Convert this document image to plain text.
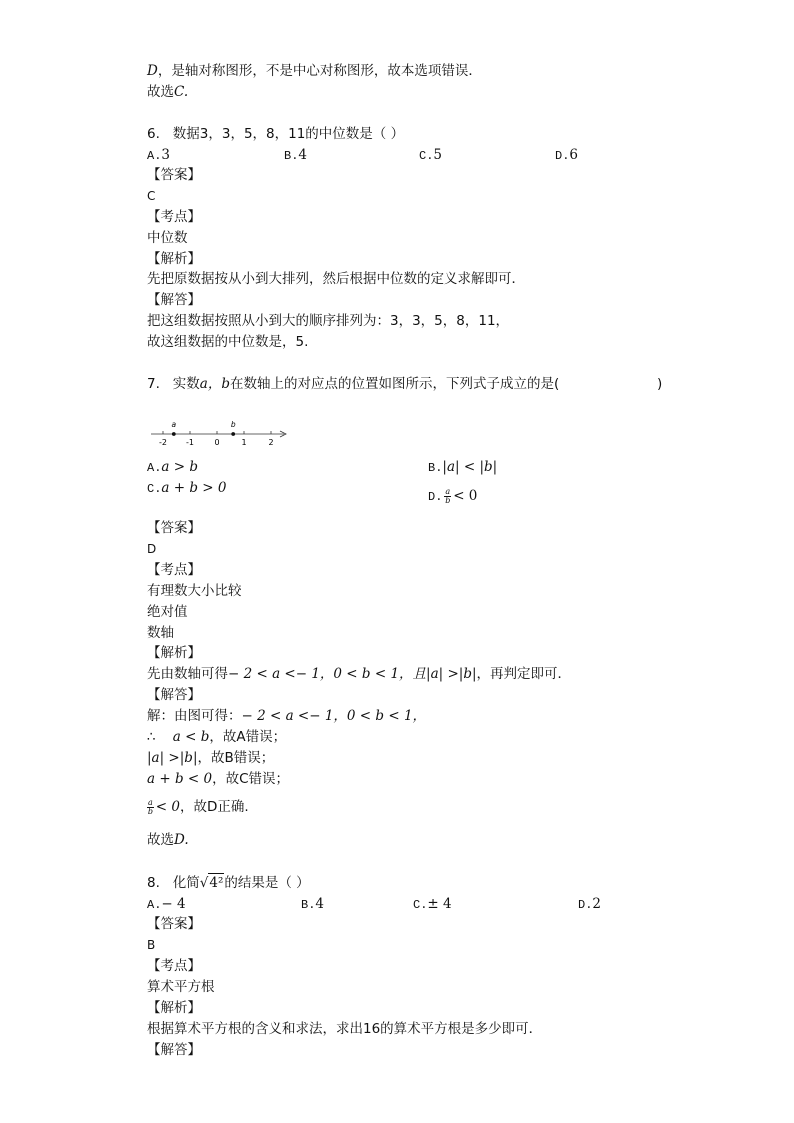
D，是轴对称图形，不是中心对称图形，故本选项错误．
故选C.
6. 数据3，3，5，8，11的中位数是（ ）
A.3	B.4	C.5	D.6
【答案】
C
【考点】
中位数
【解析】
先把原数据按从小到大排列，然后根据中位数的定义求解即可．
【解答】
把这组数据按照从小到大的顺序排列为：3，3，5，8，11，
故这组数据的中位数是，5.
7. 实数a，b在数轴上的对应点的位置如图所示，下列式子成立的是(	)
-2 -1	0	1	2
a	b
A.a > b	B.|a| < |b|
C.a + b > 0
D. $\frac{a}{b} < 0$
【答案】
D
【考点】
有理数大小比较
绝对值
数轴
【解析】
先由数轴可得− 2 < a <− 1，0 < b < 1，且|a| >|b|，再判定即可．
【解答】
解：由图可得：− 2 < a <− 1，0 < b < 1，
∴ a < b，故A错误；
|a| >|b|，故B错误；
a + b < 0，故C错误；
$\frac{a}{b} < 0$，故D正确.
故选D.
8. 化简√4²的结果是（ ）
A.− 4	B.4	C.± 4	D.2
【答案】
B
【考点】
算术平方根
【解析】
根据算术平方根的含义和求法，求出16的算术平方根是多少即可．
【解答】
